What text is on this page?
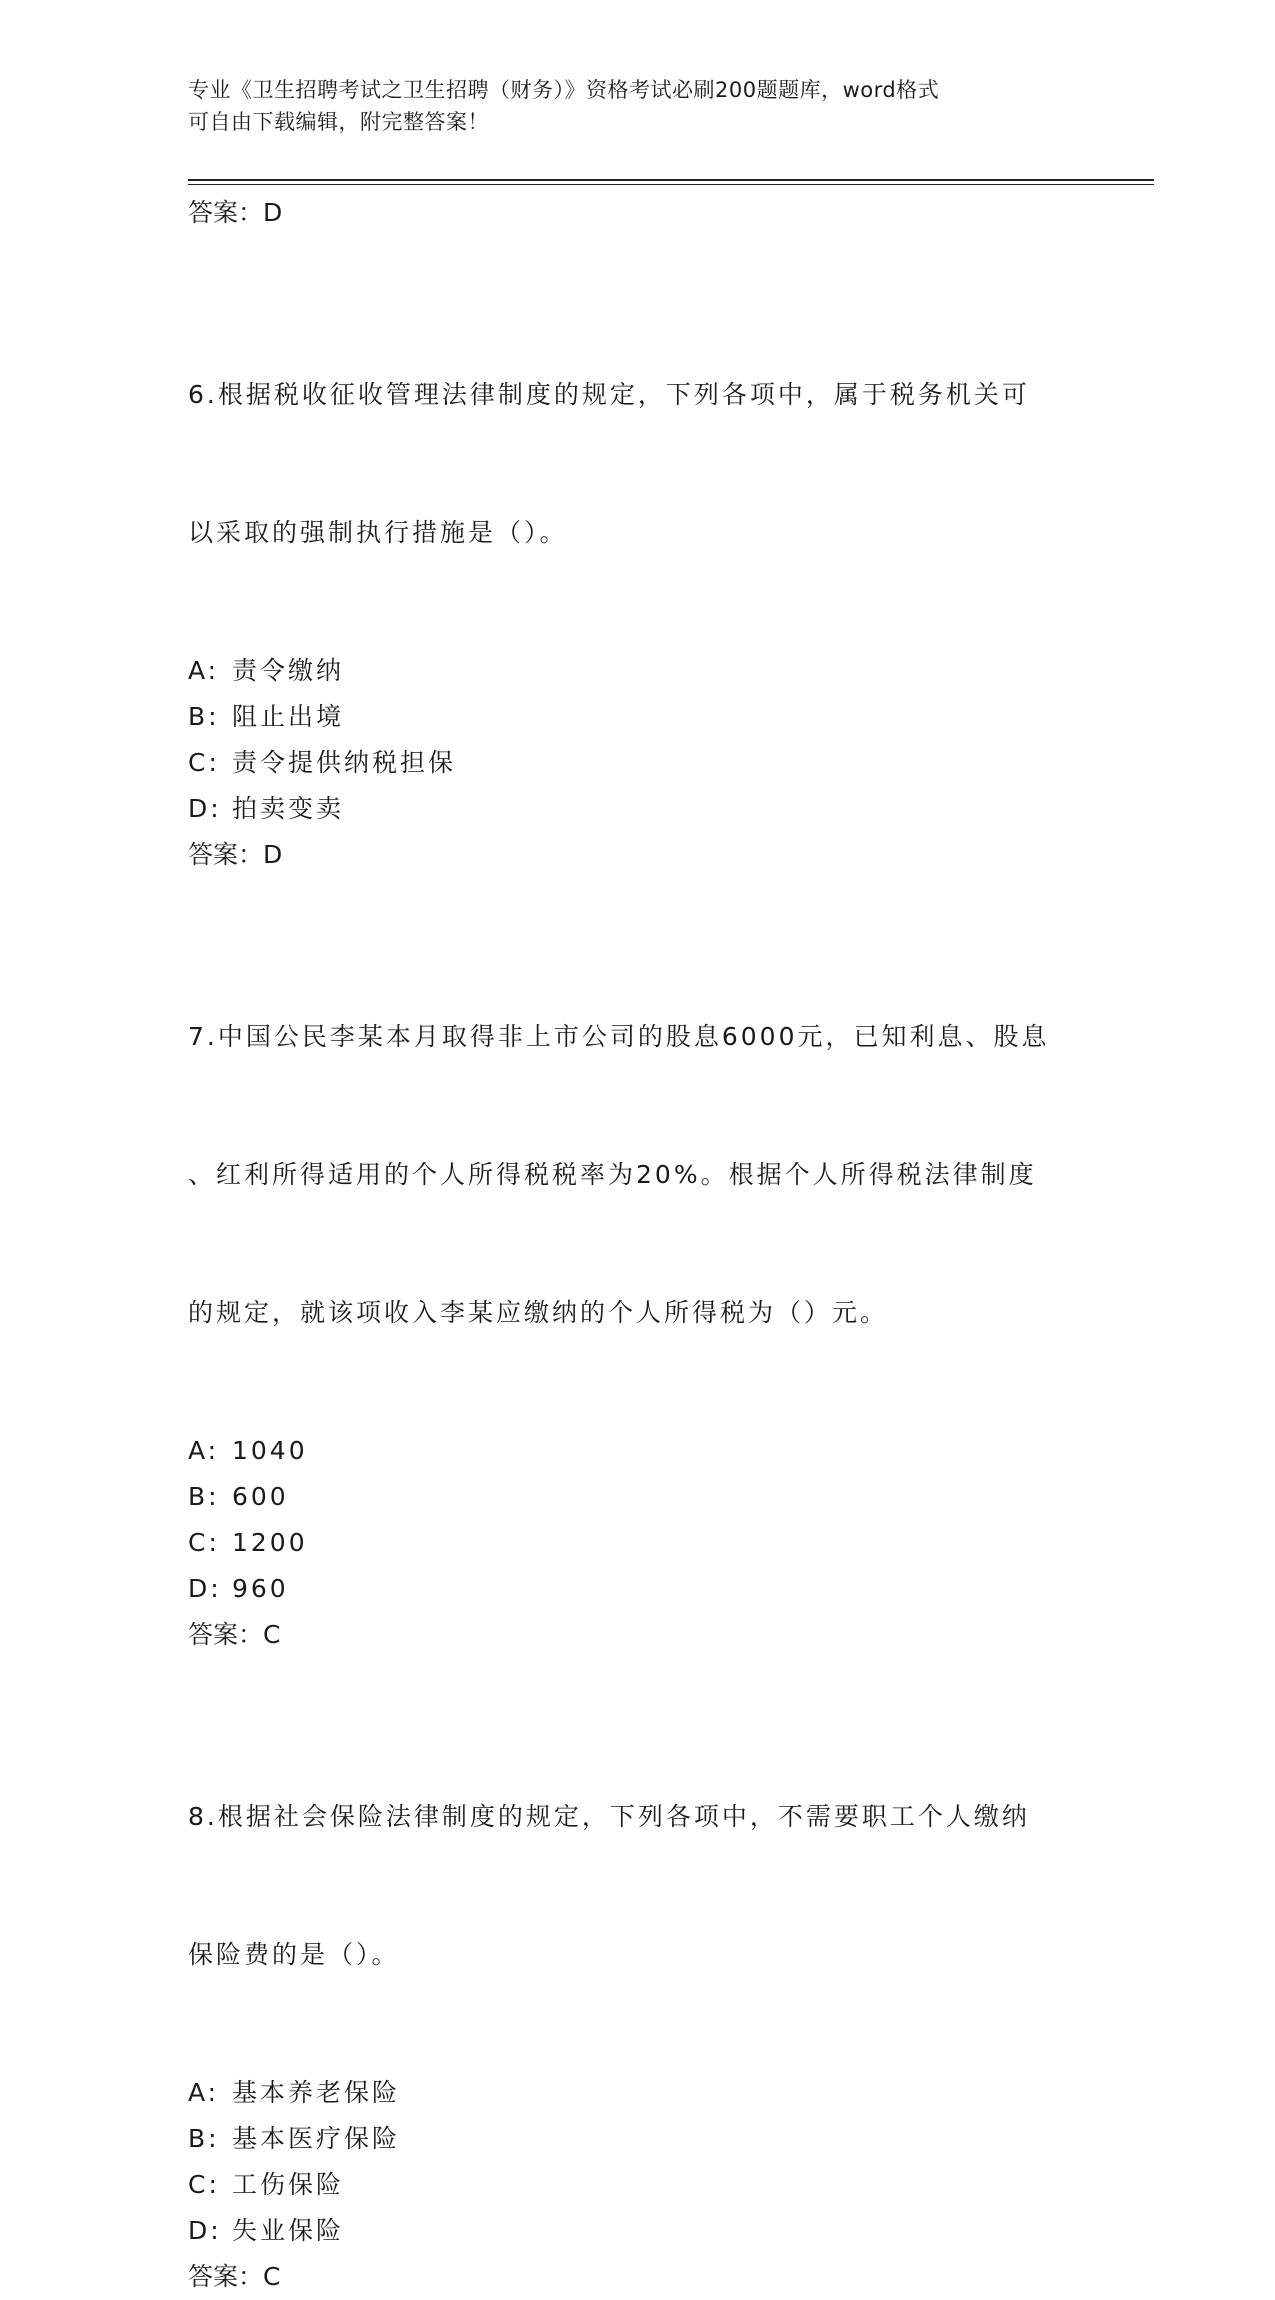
专业《卫生招聘考试之卫生招聘（财务）》资格考试必刷200题题库，word格式
可自由下载编辑，附完整答案！
答案：D

6.根据税收征收管理法律制度的规定，下列各项中，属于税务机关可

以采取的强制执行措施是（）。

A: 责令缴纳
B: 阻止出境
C: 责令提供纳税担保
D: 拍卖变卖
答案：D

7.中国公民李某本月取得非上市公司的股息6000元，已知利息、股息

、红利所得适用的个人所得税税率为20%。根据个人所得税法律制度

的规定，就该项收入李某应缴纳的个人所得税为（）元。

A: 1040
B: 600
C: 1200
D: 960
答案：C

8.根据社会保险法律制度的规定，下列各项中，不需要职工个人缴纳

保险费的是（）。

A: 基本养老保险
B: 基本医疗保险
C: 工伤保险
D: 失业保险
答案：C
